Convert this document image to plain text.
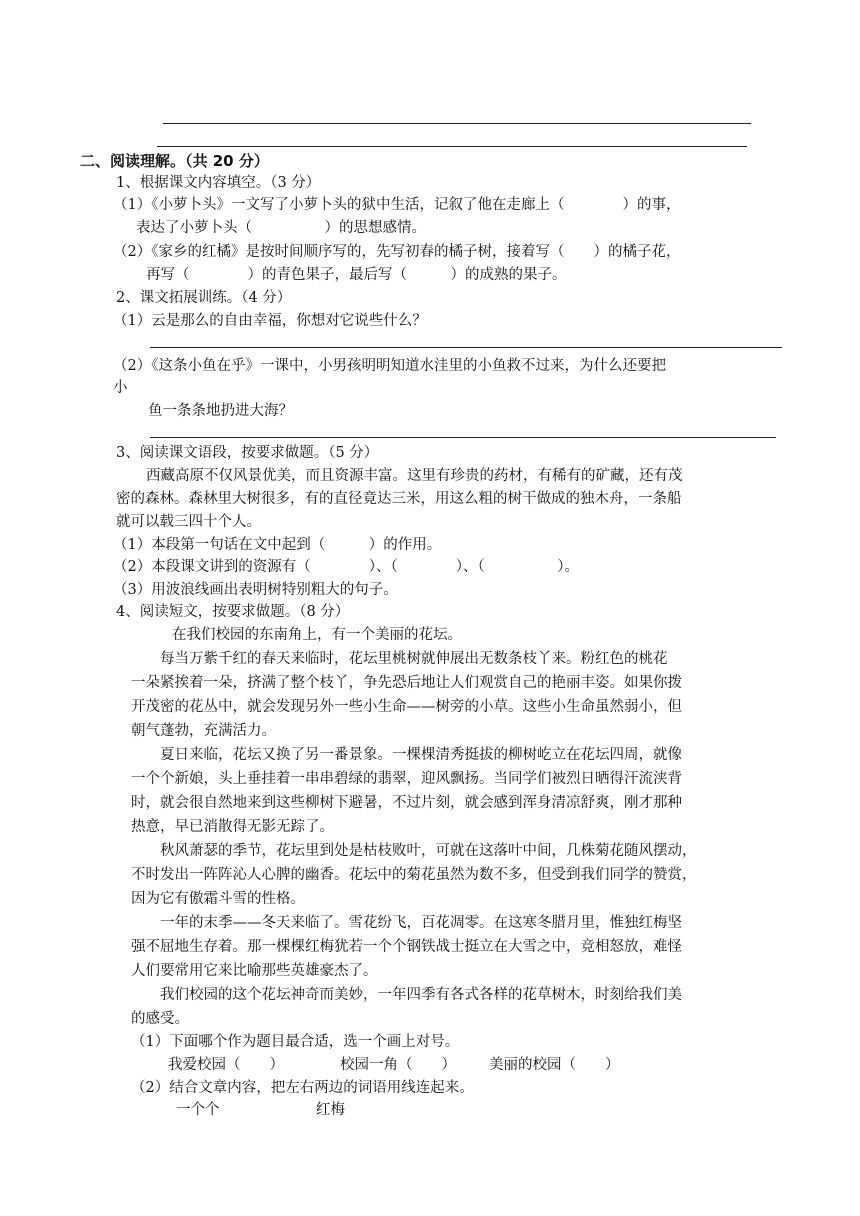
二、阅读理解。（共 20 分）
1、根据课文内容填空。（3 分）
（1）《小萝卜头》一文写了小萝卜头的狱中生活，记叙了他在走廊上（　　　　）的事，
表达了小萝卜头（　　　　　）的思想感情。
（2）《家乡的红橘》是按时间顺序写的，先写初春的橘子树，接着写（　　）的橘子花，
再写（　　　　）的青色果子，最后写（　　　）的成熟的果子。
2、课文拓展训练。（4 分）
（1）云是那么的自由幸福，你想对它说些什么？
（2）《这条小鱼在乎》一课中，小男孩明明知道水洼里的小鱼救不过来，为什么还要把
小
鱼一条条地扔进大海？
3、阅读课文语段，按要求做题。（5 分）
西藏高原不仅风景优美，而且资源丰富。这里有珍贵的药材，有稀有的矿藏，还有茂
密的森林。森林里大树很多，有的直径竟达三米，用这么粗的树干做成的独木舟，一条船
就可以载三四十个人。
（1）本段第一句话在文中起到（　　　）的作用。
（2）本段课文讲到的资源有（　　　　）、（　　　　）、（　　　　　）。
（3）用波浪线画出表明树特别粗大的句子。
4、阅读短文，按要求做题。（8 分）
在我们校园的东南角上，有一个美丽的花坛。
每当万紫千红的春天来临时，花坛里桃树就伸展出无数条枝丫来。粉红色的桃花
一朵紧挨着一朵，挤满了整个枝丫，争先恐后地让人们观赏自己的艳丽丰姿。如果你拨
开茂密的花丛中，就会发现另外一些小生命——树旁的小草。这些小生命虽然弱小，但
朝气蓬勃，充满活力。
夏日来临，花坛又换了另一番景象。一棵棵清秀挺拔的柳树屹立在花坛四周，就像
一个个新娘，头上垂挂着一串串碧绿的翡翠，迎风飘扬。当同学们被烈日晒得汗流浃背
时，就会很自然地来到这些柳树下避暑，不过片刻，就会感到浑身清凉舒爽，刚才那种
热意，早已消散得无影无踪了。
秋风萧瑟的季节，花坛里到处是枯枝败叶，可就在这落叶中间，几株菊花随风摆动，
不时发出一阵阵沁人心脾的幽香。花坛中的菊花虽然为数不多，但受到我们同学的赞赏，
因为它有傲霜斗雪的性格。
一年的末季——冬天来临了。雪花纷飞，百花凋零。在这寒冬腊月里，惟独红梅坚
强不屈地生存着。那一棵棵红梅犹若一个个钢铁战士挺立在大雪之中，竞相怒放，难怪
人们要常用它来比喻那些英雄豪杰了。
我们校园的这个花坛神奇而美妙，一年四季有各式各样的花草树木，时刻给我们美
的感受。
（1）下面哪个作为题目最合适，选一个画上对号。
我爱校园（　　）	校园一角（　　） 美丽的校园（　　）
（2）结合文章内容，把左右两边的词语用线连起来。
一个个	红梅
